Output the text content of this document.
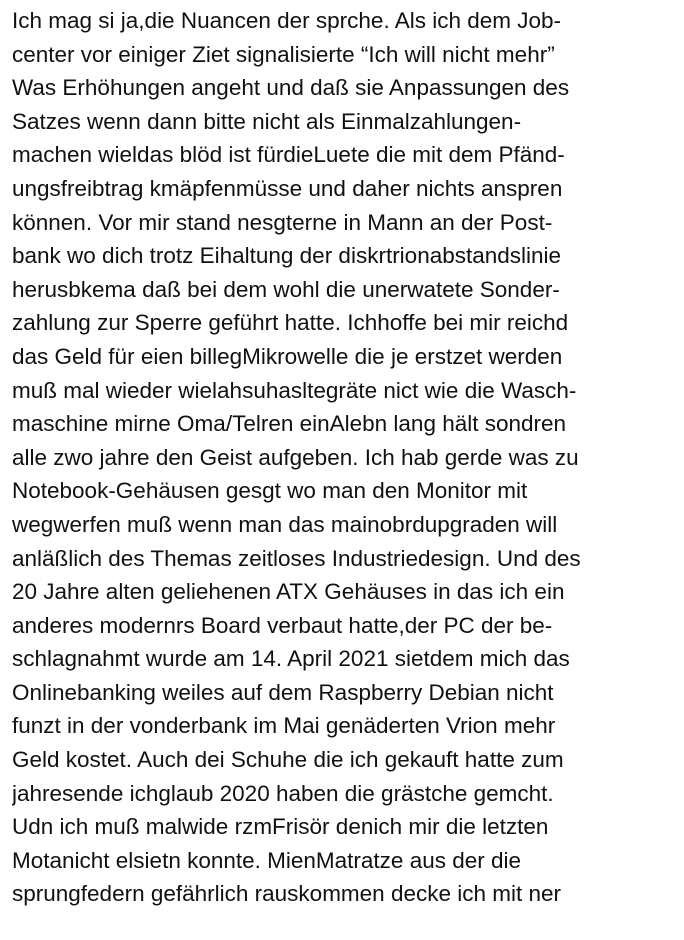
Ich mag si ja,die Nuancen der sprche. Als ich dem Job-
center vor einiger Ziet signalisierte “Ich will nicht mehr”
Was Erhöhungen angeht und daß sie Anpassungen des
Satzes wenn dann bitte nicht als Einmalzahlungen-
machen wieldas blöd ist fürdieLuete die mit dem Pfänd-
ungsfreibtrag kmäpfenmüsse und daher nichts anspren
können. Vor mir stand nesgterne in Mann an der Post-
bank wo dich trotz Eihaltung der diskrtrionabstandslinie
herusbkema daß bei dem wohl die unerwatete Sonder-
zahlung zur Sperre geführt hatte. Ichhoffe bei mir reichd
das Geld für eien billegMikrowelle die je erstzet werden
muß mal wieder wielahsuhasltegräte nict wie die Wasch-
maschine mirne Oma/Telren einAlebn lang hält sondren
alle zwo jahre den Geist aufgeben. Ich hab gerde was zu
Notebook-Gehäusen gesgt wo man den Monitor mit
wegwerfen muß wenn man das mainobrdupgraden will
anläßlich des Themas zeitloses Industriedesign. Und des
20 Jahre alten geliehenen ATX Gehäuses in das ich ein
anderes modernrs Board verbaut hatte,der PC der be-
schlagnahmt wurde am 14. April 2021 sietdem mich das
Onlinebanking weiles auf dem Raspberry Debian nicht
funzt in der vonderbank im Mai genäderten Vrion mehr
Geld kostet. Auch dei Schuhe die ich gekauft hatte zum
jahresende ichglaub 2020 haben die grästche gemcht.
Udn ich muß malwide rzmFrisör denich mir die letzten
Motanicht elsietn konnte. MienMatratze aus der die
sprungfedern gefährlich rauskommen decke ich mit ner
